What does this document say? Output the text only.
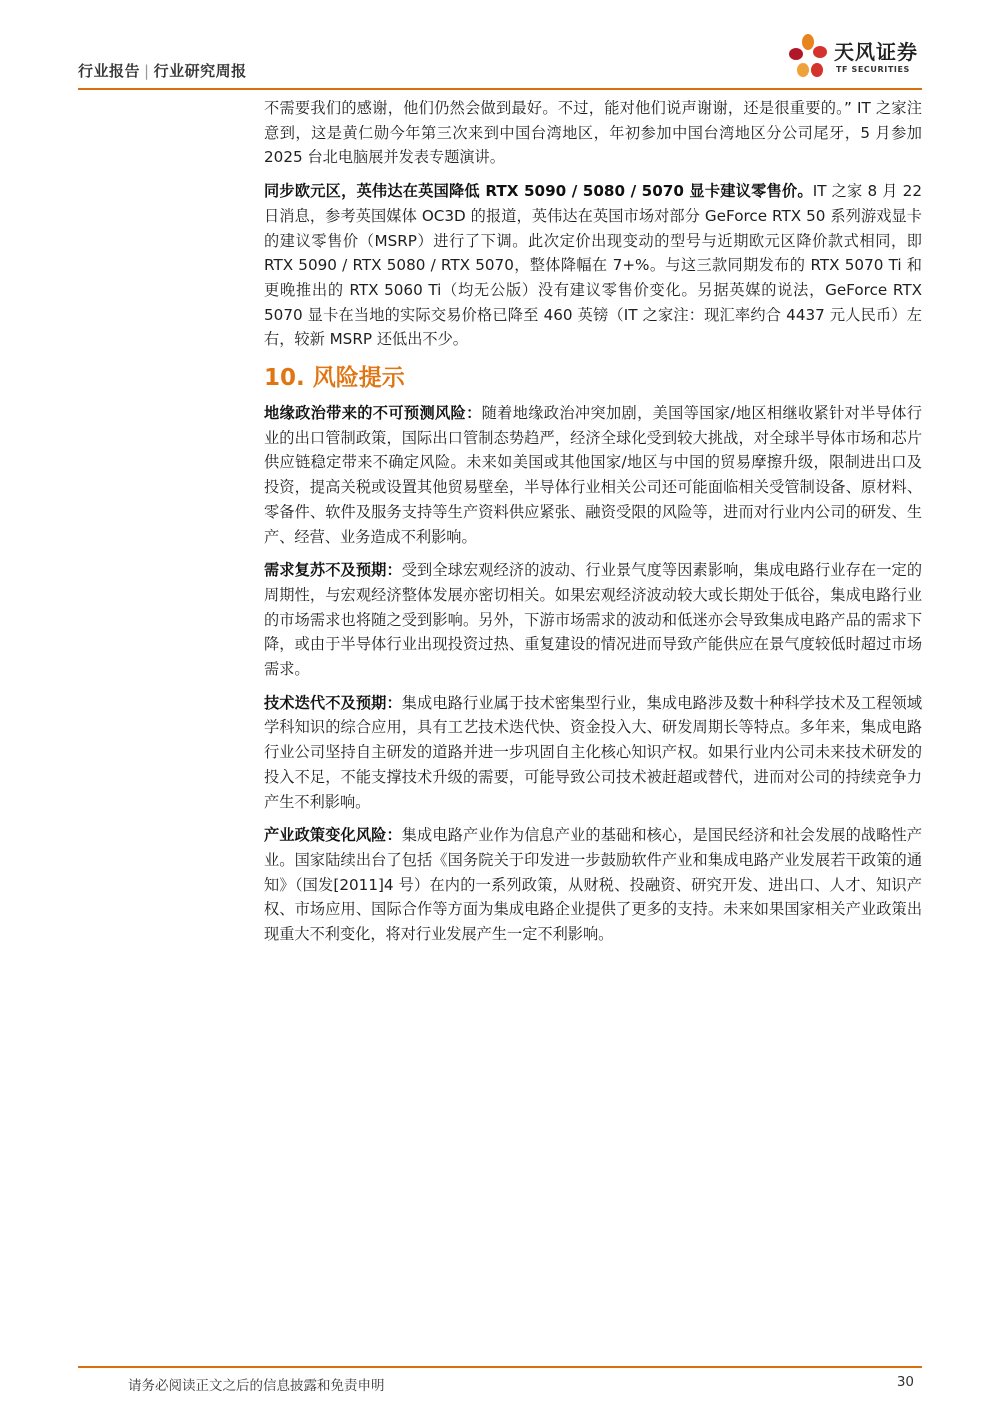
行业报告 | 行业研究周报
天风证券
TF SECURITIES

不需要我们的感谢，他们仍然会做到最好。不过，能对他们说声谢谢，还是很重要的。” IT 之家注意到，这是黄仁勋今年第三次来到中国台湾地区，年初参加中国台湾地区分公司尾牙，5 月参加 2025 台北电脑展并发表专题演讲。

同步欧元区，英伟达在英国降低 RTX 5090 / 5080 / 5070 显卡建议零售价。IT 之家 8 月 22 日消息，参考英国媒体 OC3D 的报道，英伟达在英国市场对部分 GeForce RTX 50 系列游戏显卡的建议零售价（MSRP）进行了下调。此次定价出现变动的型号与近期欧元区降价款式相同，即 RTX 5090 / RTX 5080 / RTX 5070，整体降幅在 7+%。与这三款同期发布的 RTX 5070 Ti 和更晚推出的 RTX 5060 Ti（均无公版）没有建议零售价变化。另据英媒的说法，GeForce RTX 5070 显卡在当地的实际交易价格已降至 460 英镑（IT 之家注：现汇率约合 4437 元人民币）左右，较新 MSRP 还低出不少。

10. 风险提示

地缘政治带来的不可预测风险：随着地缘政治冲突加剧，美国等国家/地区相继收紧针对半导体行业的出口管制政策，国际出口管制态势趋严，经济全球化受到较大挑战，对全球半导体市场和芯片供应链稳定带来不确定风险。未来如美国或其他国家/地区与中国的贸易摩擦升级，限制进出口及投资，提高关税或设置其他贸易壁垒，半导体行业相关公司还可能面临相关受管制设备、原材料、零备件、软件及服务支持等生产资料供应紧张、融资受限的风险等，进而对行业内公司的研发、生产、经营、业务造成不利影响。

需求复苏不及预期：受到全球宏观经济的波动、行业景气度等因素影响，集成电路行业存在一定的周期性，与宏观经济整体发展亦密切相关。如果宏观经济波动较大或长期处于低谷，集成电路行业的市场需求也将随之受到影响。另外，下游市场需求的波动和低迷亦会导致集成电路产品的需求下降，或由于半导体行业出现投资过热、重复建设的情况进而导致产能供应在景气度较低时超过市场需求。

技术迭代不及预期：集成电路行业属于技术密集型行业，集成电路涉及数十种科学技术及工程领域学科知识的综合应用，具有工艺技术迭代快、资金投入大、研发周期长等特点。多年来，集成电路行业公司坚持自主研发的道路并进一步巩固自主化核心知识产权。如果行业内公司未来技术研发的投入不足，不能支撑技术升级的需要，可能导致公司技术被赶超或替代，进而对公司的持续竞争力产生不利影响。

产业政策变化风险：集成电路产业作为信息产业的基础和核心，是国民经济和社会发展的战略性产业。国家陆续出台了包括《国务院关于印发进一步鼓励软件产业和集成电路产业发展若干政策的通知》（国发[2011]4 号）在内的一系列政策，从财税、投融资、研究开发、进出口、人才、知识产权、市场应用、国际合作等方面为集成电路企业提供了更多的支持。未来如果国家相关产业政策出现重大不利变化，将对行业发展产生一定不利影响。

请务必阅读正文之后的信息披露和免责申明	30
